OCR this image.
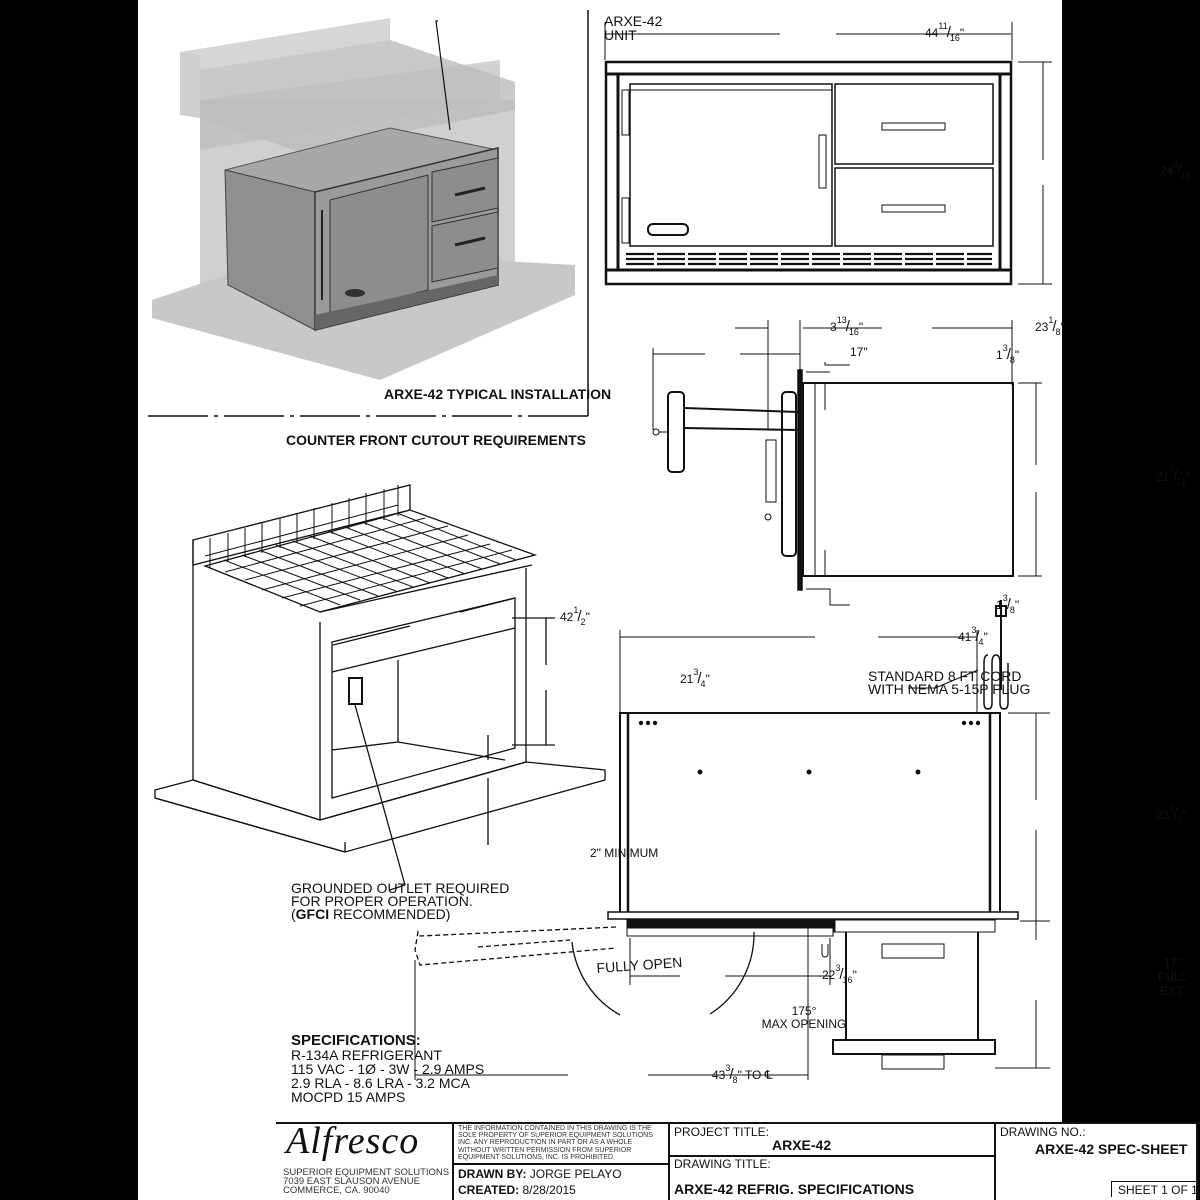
ARXE-42
UNIT
ARXE-42 TYPICAL INSTALLATION
COUNTER FRONT CUTOUT REQUIREMENTS
$42^1/_2$"
$21^3/_4$"
2" MINIMUM
GROUNDED OUTLET REQUIRED
FOR PROPER OPERATION.
(GFCI RECOMMENDED)
$44^{11}/_{16}$"
$24^3/_{16}$"
$3^{13}/_{16}$"
17"
$23^1/_8$"
$1^3/_8$"
$21^7/_{16}$"
$1^3/_8$"
$41^3/_4$"
STANDARD 8 FT CORD
WITH NEMA 5-15P PLUG
$23^1/_8$"
17"
FULL
EXT.
FULLY OPEN	$22^3/_{16}$"
175°
MAX OPENING
$43^3/_8$" TO ℄
SPECIFICATIONS:
R-134A REFRIGERANT
115 VAC - 1Ø - 3W - 2.9 AMPS
2.9 RLA - 8.6 LRA - 3.2 MCA
MOCPD 15 AMPS
Alfresco
SUPERIOR EQUIPMENT SOLUTIONS
7039 EAST SLAUSON AVENUE
COMMERCE, CA. 90040
THE INFORMATION CONTAINED IN THIS DRAWING IS THE
SOLE PROPERTY OF SUPERIOR EQUIPMENT SOLUTIONS
INC. ANY REPRODUCTION IN PART OR AS A WHOLE
WITHOUT WRITTEN PERMISSION FROM SUPERIOR
EQUIPMENT SOLUTIONS, INC. IS PROHIBITED.
DRAWN BY: JORGE PELAYO
CREATED: 8/28/2015
PROJECT TITLE:
ARXE-42
DRAWING TITLE:
ARXE-42 REFRIG. SPECIFICATIONS
DRAWING NO.:
ARXE-42 SPEC-SHEET
SHEET 1 OF 1
